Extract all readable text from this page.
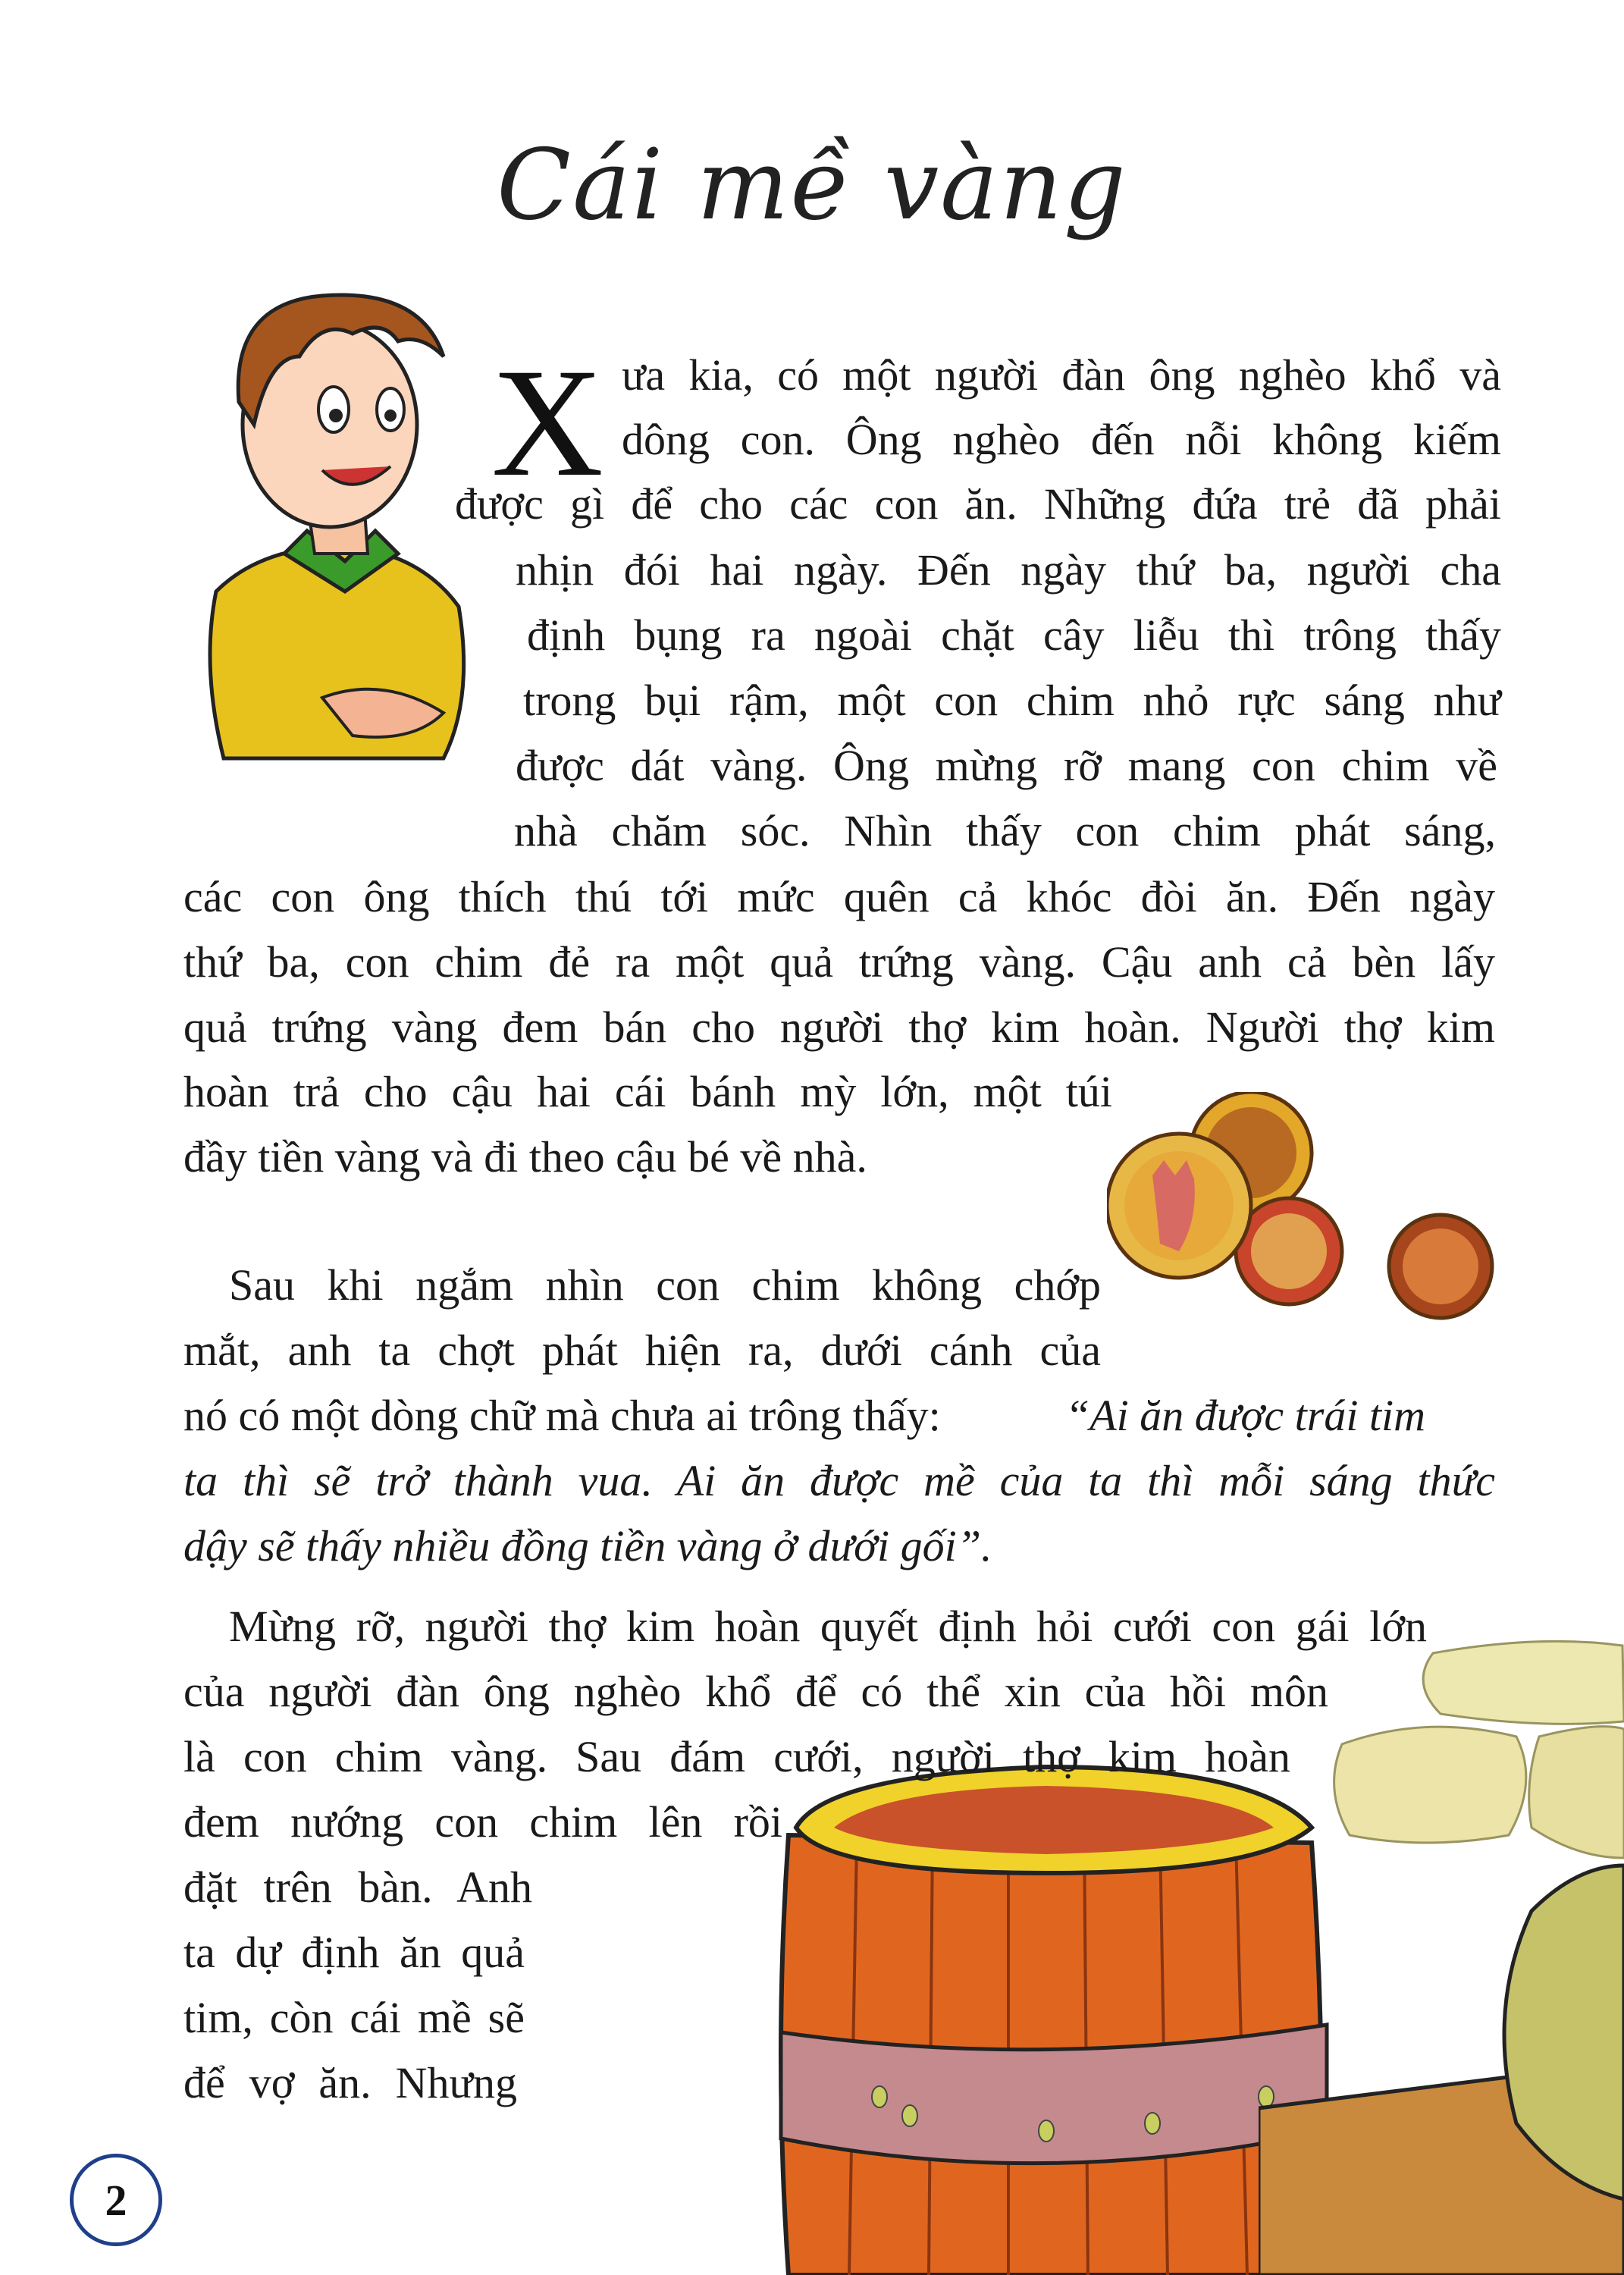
Cái mề vàng
X ưa kia, có một người đàn ông nghèo khổ và
dông con. Ông nghèo đến nỗi không kiếm
được gì để cho các con ăn. Những đứa trẻ đã phải
nhịn đói hai ngày. Đến ngày thứ ba, người cha
định bụng ra ngoài chặt cây liễu thì trông thấy
trong bụi rậm, một con chim nhỏ rực sáng như
được dát vàng. Ông mừng rỡ mang con chim về
nhà chăm sóc. Nhìn thấy con chim phát sáng,
các con ông thích thú tới mức quên cả khóc đòi ăn. Đến ngày
thứ ba, con chim đẻ ra một quả trứng vàng. Cậu anh cả bèn lấy
quả trứng vàng đem bán cho người thợ kim hoàn. Người thợ kim
hoàn trả cho cậu hai cái bánh mỳ lớn, một túi
đầy tiền vàng và đi theo cậu bé về nhà.
Sau khi ngắm nhìn con chim không chớp
mắt, anh ta chợt phát hiện ra, dưới cánh của
nó có một dòng chữ mà chưa ai trông thấy:	“Ai ăn được trái tim
ta thì sẽ trở thành vua. Ai ăn được mề của ta thì mỗi sáng thức
dậy sẽ thấy nhiều đồng tiền vàng ở dưới gối”.
Mừng rỡ, người thợ kim hoàn quyết định hỏi cưới con gái lớn
của người đàn ông nghèo khổ để có thể xin của hồi môn
là con chim vàng. Sau đám cưới, người thợ kim hoàn
đem nướng con chim lên rồi
đặt trên bàn. Anh
ta dự định ăn quả
tim, còn cái mề sẽ
để vợ ăn. Nhưng
2
